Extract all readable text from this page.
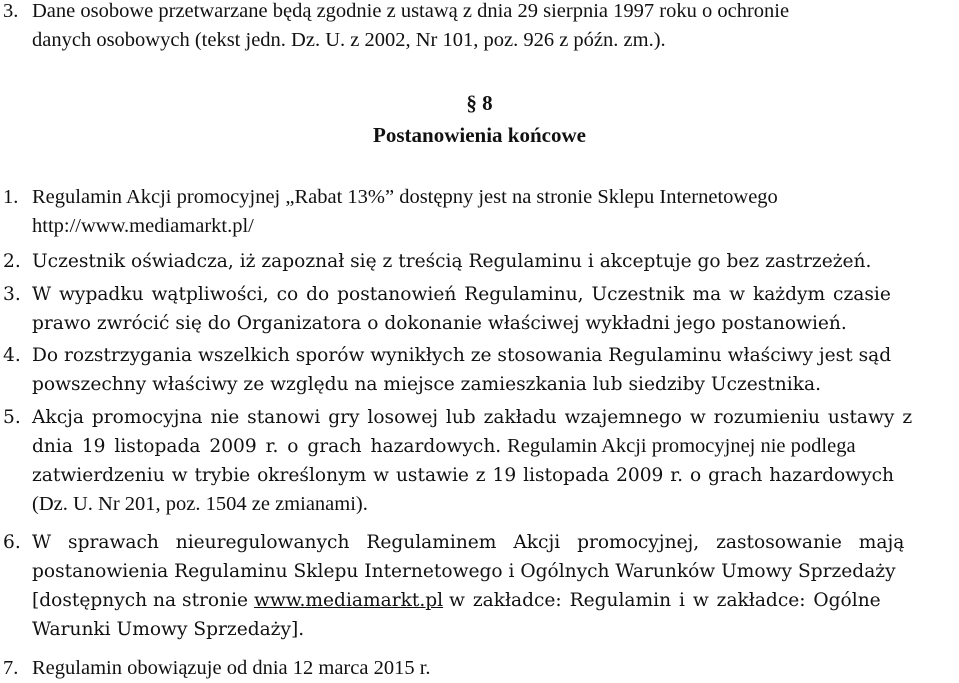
3. Dane osobowe przetwarzane będą zgodnie z ustawą z dnia 29 sierpnia 1997 roku o ochronie
danych osobowych (tekst jedn. Dz. U. z 2002, Nr 101, poz. 926 z późn. zm.).
§ 8
Postanowienia końcowe
1. Regulamin Akcji promocyjnej „Rabat 13%” dostępny jest na stronie Sklepu Internetowego
http://www.mediamarkt.pl/
2. Uczestnik oświadcza, iż zapoznał się z treścią Regulaminu i akceptuje go bez zastrzeżeń.
3. W wypadku wątpliwości, co do postanowień Regulaminu, Uczestnik ma w każdym czasie
prawo zwrócić się do Organizatora o dokonanie właściwej wykładni jego postanowień.
4. Do rozstrzygania wszelkich sporów wynikłych ze stosowania Regulaminu właściwy jest sąd
powszechny właściwy ze względu na miejsce zamieszkania lub siedziby Uczestnika.
5. Akcja promocyjna nie stanowi gry losowej lub zakładu wzajemnego w rozumieniu ustawy z
dnia 19 listopada 2009 r. o grach hazardowych. Regulamin Akcji promocyjnej nie podlega
zatwierdzeniu w trybie określonym w ustawie z 19 listopada 2009 r. o grach hazardowych
(Dz. U. Nr 201, poz. 1504 ze zmianami).
6. W sprawach nieuregulowanych Regulaminem Akcji promocyjnej, zastosowanie mają
postanowienia Regulaminu Sklepu Internetowego i Ogólnych Warunków Umowy Sprzedaży
[dostępnych na stronie www.mediamarkt.pl w zakładce: Regulamin i w zakładce: Ogólne
Warunki Umowy Sprzedaży].
7. Regulamin obowiązuje od dnia 12 marca 2015 r.
